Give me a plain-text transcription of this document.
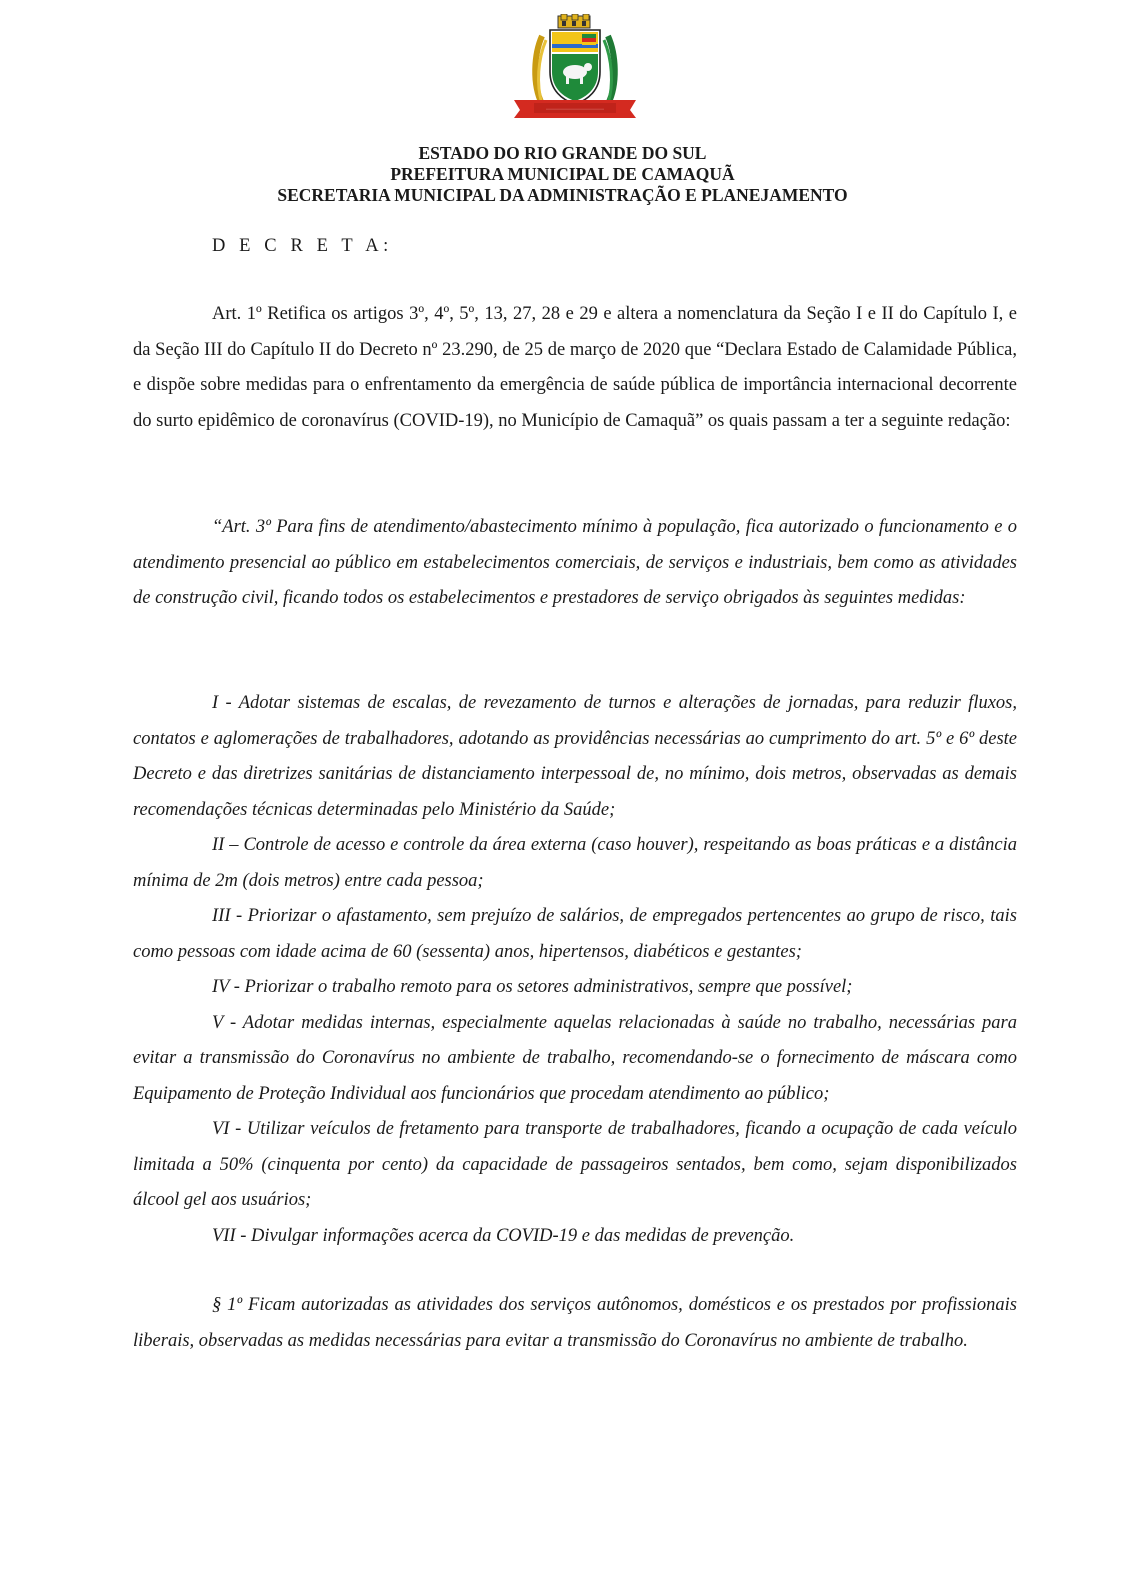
·····························
ESTADO DO RIO GRANDE DO SUL
PREFEITURA MUNICIPAL DE CAMAQUÃ
SECRETARIA MUNICIPAL DA ADMINISTRAÇÃO E PLANEJAMENTO
D E C R E T A:

Art. 1º Retifica os artigos 3º, 4º, 5º, 13, 27, 28 e 29 e altera a nomenclatura da Seção I e II do Capítulo I, e da Seção III do Capítulo II do Decreto nº 23.290, de 25 de março de 2020 que “Declara Estado de Calamidade Pública, e dispõe sobre medidas para o enfrentamento da emergência de saúde pública de importância internacional decorrente do surto epidêmico de coronavírus (COVID-19), no Município de Camaquã” os quais passam a ter a seguinte redação:

“Art. 3º Para fins de atendimento/abastecimento mínimo à população, fica autorizado o funcionamento e o atendimento presencial ao público em estabelecimentos comerciais, de serviços e industriais, bem como as atividades de construção civil, ficando todos os estabelecimentos e prestadores de serviço obrigados às seguintes medidas:

I - Adotar sistemas de escalas, de revezamento de turnos e alterações de jornadas, para reduzir fluxos, contatos e aglomerações de trabalhadores, adotando as providências necessárias ao cumprimento do art. 5º e 6º deste Decreto e das diretrizes sanitárias de distanciamento interpessoal de, no mínimo, dois metros, observadas as demais recomendações técnicas determinadas pelo Ministério da Saúde;
II – Controle de acesso e controle da área externa (caso houver), respeitando as boas práticas e a distância mínima de 2m (dois metros) entre cada pessoa;
III - Priorizar o afastamento, sem prejuízo de salários, de empregados pertencentes ao grupo de risco, tais como pessoas com idade acima de 60 (sessenta) anos, hipertensos, diabéticos e gestantes;
IV - Priorizar o trabalho remoto para os setores administrativos, sempre que possível;
V - Adotar medidas internas, especialmente aquelas relacionadas à saúde no trabalho, necessárias para evitar a transmissão do Coronavírus no ambiente de trabalho, recomendando-se o fornecimento de máscara como Equipamento de Proteção Individual aos funcionários que procedam atendimento ao público;
VI - Utilizar veículos de fretamento para transporte de trabalhadores, ficando a ocupação de cada veículo limitada a 50% (cinquenta por cento) da capacidade de passageiros sentados, bem como, sejam disponibilizados álcool gel aos usuários;
VII - Divulgar informações acerca da COVID-19 e das medidas de prevenção.

§ 1º Ficam autorizadas as atividades dos serviços autônomos, domésticos e os prestados por profissionais liberais, observadas as medidas necessárias para evitar a transmissão do Coronavírus no ambiente de trabalho.
